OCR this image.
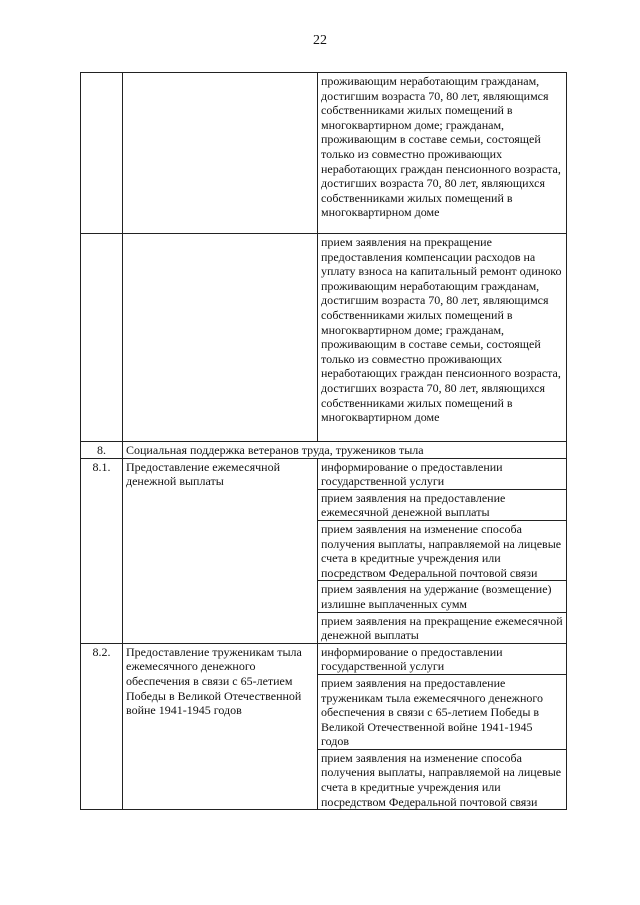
22
		проживающим неработающим гражданам, достигшим возраста 70, 80 лет, являющимся собственниками жилых помещений в многоквартирном доме; гражданам, проживающим в составе семьи, состоящей только из совместно проживающих неработающих граждан пенсионного возраста, достигших возраста 70, 80 лет, являющихся собственниками жилых помещений в многоквартирном доме
		прием заявления на прекращение предоставления компенсации расходов на уплату взноса на капитальный ремонт одиноко проживающим неработающим гражданам, достигшим возраста 70, 80 лет, являющимся собственниками жилых помещений в многоквартирном доме; гражданам, проживающим в составе семьи, состоящей только из совместно проживающих неработающих граждан пенсионного возраста, достигших возраста 70, 80 лет, являющихся собственниками жилых помещений в многоквартирном доме
8.	Социальная поддержка ветеранов труда, тружеников тыла	
8.1.	Предоставление ежемесячной денежной выплаты	информирование о предоставлении государственной услуги
		прием заявления на предоставление ежемесячной денежной выплаты
		прием заявления на изменение способа получения выплаты, направляемой на лицевые счета в кредитные учреждения или посредством Федеральной почтовой связи
		прием заявления на удержание (возмещение) излишне выплаченных сумм
		прием заявления на прекращение ежемесячной денежной выплаты
8.2.	Предоставление труженикам тыла ежемесячного денежного обеспечения в связи с 65-летием Победы в Великой Отечественной войне 1941-1945 годов	информирование о предоставлении государственной услуги
		прием заявления на предоставление труженикам тыла ежемесячного денежного обеспечения в связи с 65-летием Победы в Великой Отечественной войне 1941-1945 годов
		прием заявления на изменение способа получения выплаты, направляемой на лицевые счета в кредитные учреждения или посредством Федеральной почтовой связи
